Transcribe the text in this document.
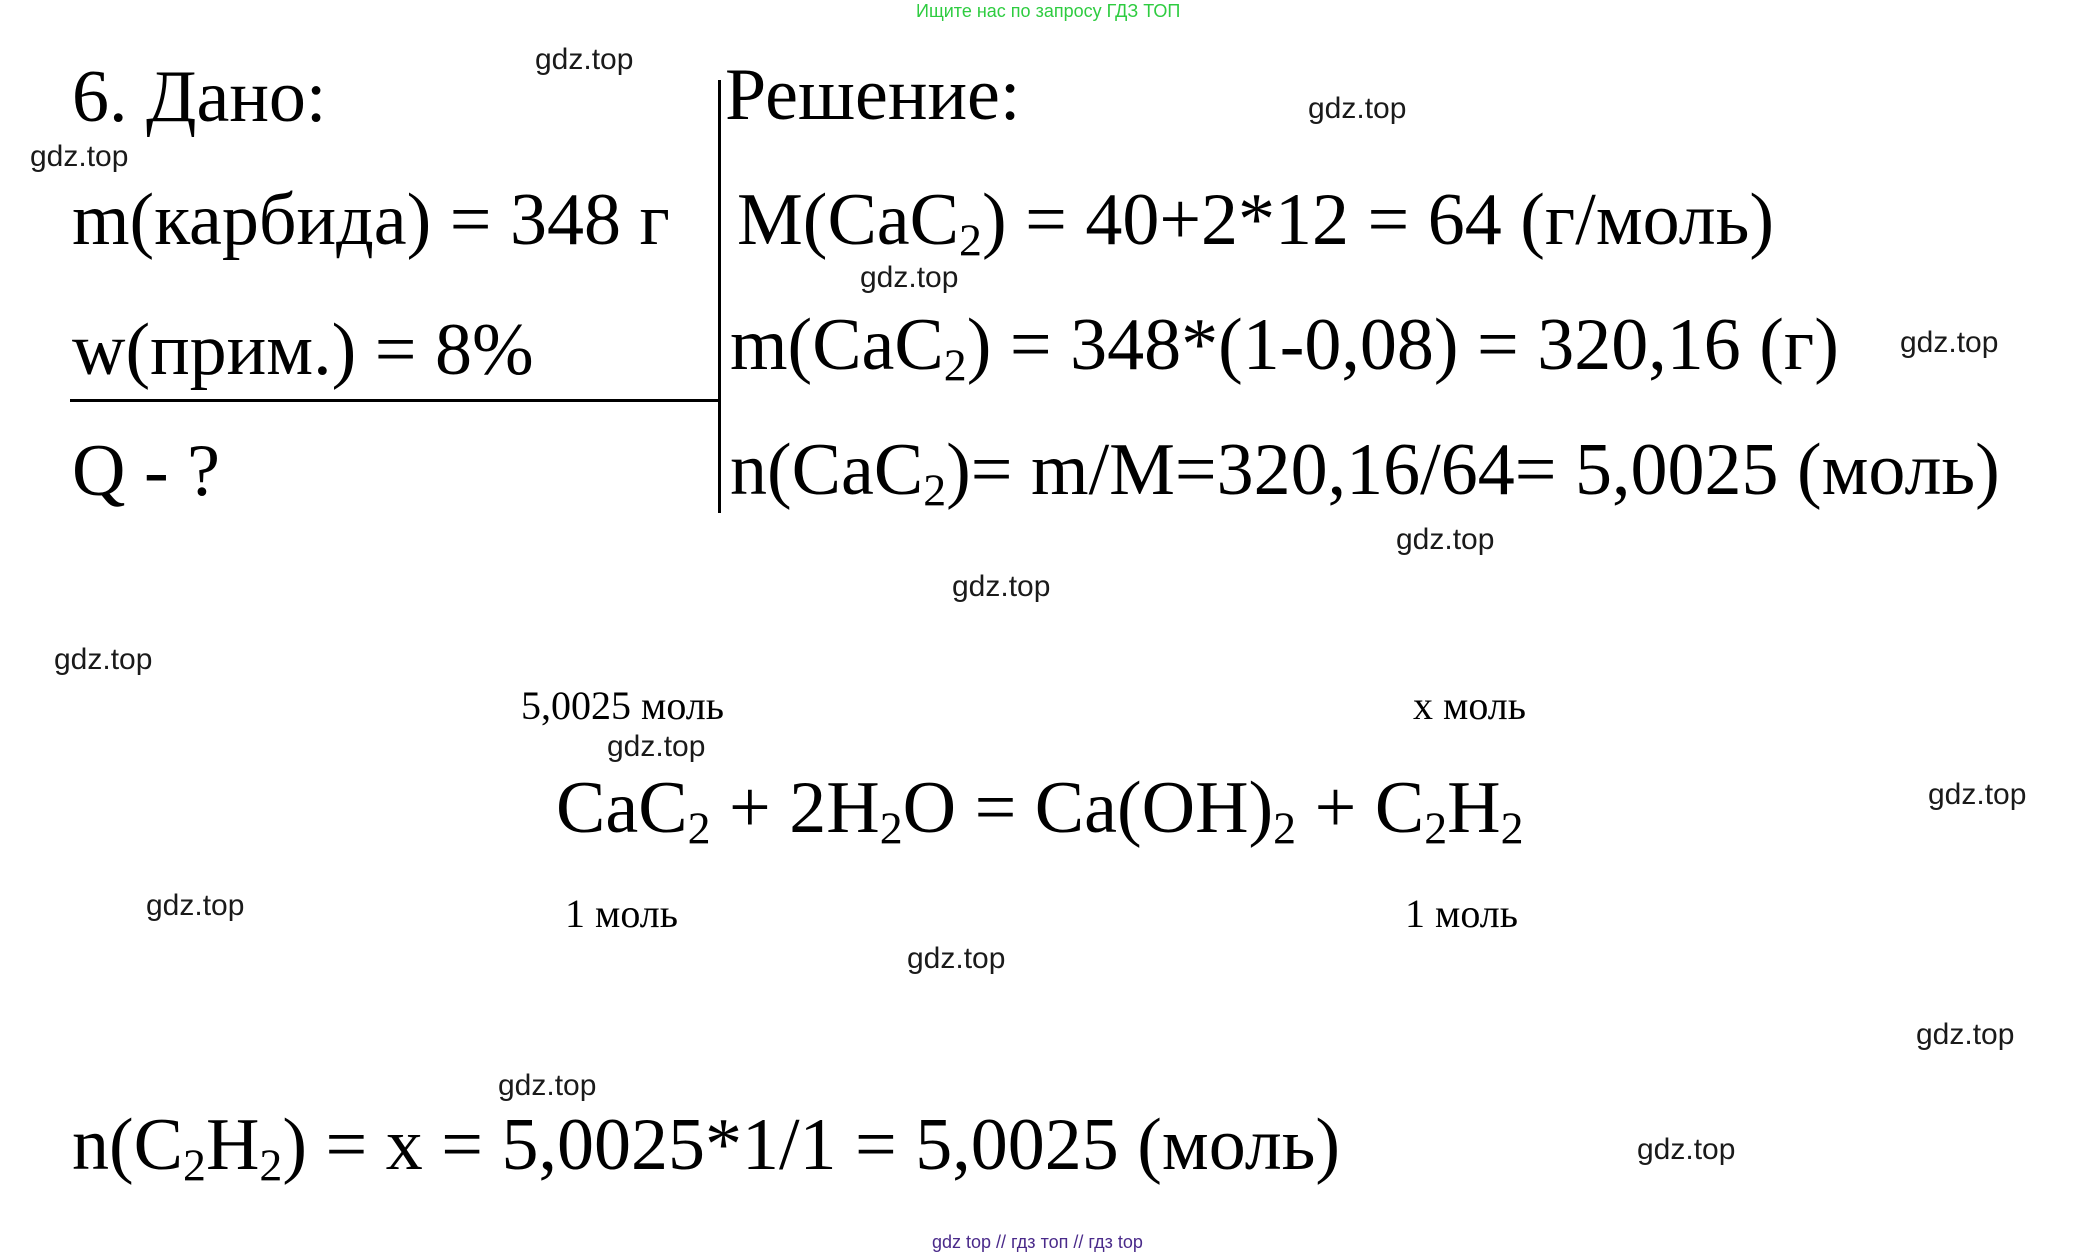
Ищите нас по запросу ГДЗ ТОП
6. Дано:
m(карбида) = 348 г
w(прим.) = 8%
Q - ?
Решение:
M(CaC$_2$) = 40+2*12 = 64 (г/моль)
m(CaC$_2$) = 348*(1-0,08) = 320,16 (г)
n(CaC$_2$)= m/M=320,16/64= 5,0025 (моль)
5,0025 моль	x моль
$CaC_2 + 2H_2O = Ca(OH)_2 + C_2H_2$
1 моль	1 моль
$n(C_2H_2) = x = 5,0025*1/1 = 5,0025$ (моль)
gdz.top
gdz.top
gdz.top
gdz.top
gdz.top
gdz.top
gdz.top
gdz.top
gdz.top
gdz.top
gdz.top
gdz.top
gdz.top
gdz.top
gdz.top
gdz top // гдз топ // гдз top
